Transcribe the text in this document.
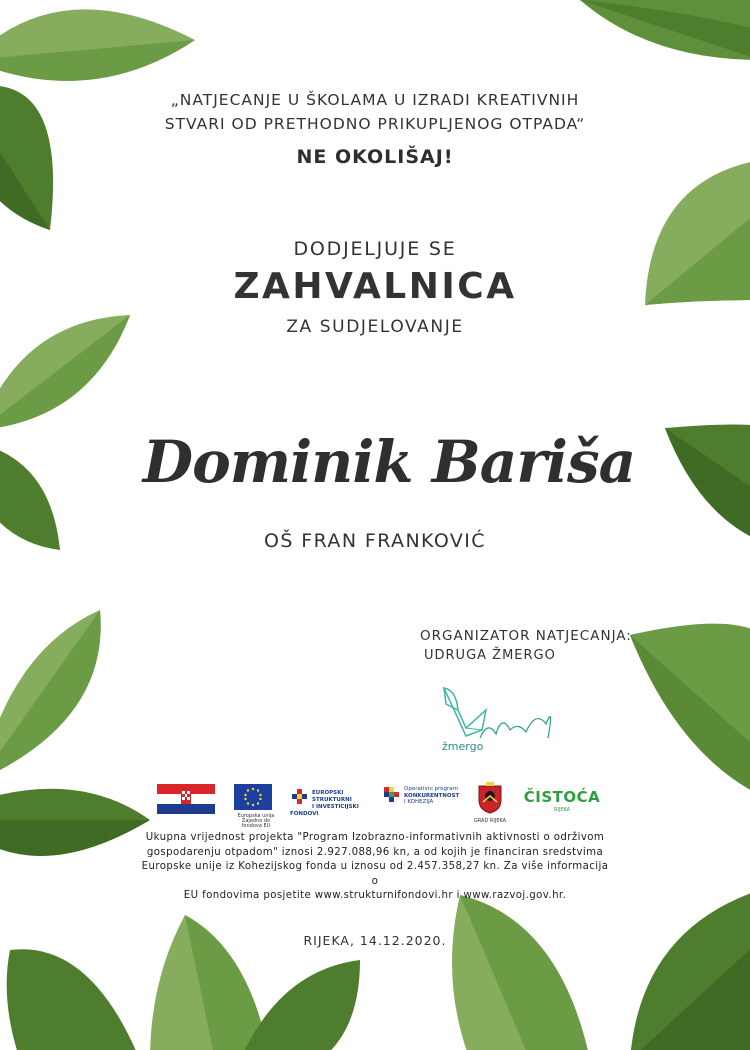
„NATJECANJE U ŠKOLAMA U IZRADI KREATIVNIH
STVARI OD PRETHODNO PRIKUPLJENOG OTPADA“
NE OKOLIŠAJ!
DODJELJUJE SE
ZAHVALNICA
ZA SUDJELOVANJE
Dominik Bariša
OŠ FRAN FRANKOVIĆ
ORGANIZATOR NATJECANJA:
UDRUGA ŽMERGO
žmergo
Europska unija
Zajedno do fondova EU
EUROPSKI STRUKTURNI
I INVESTICIJSKI FONDOVI
Operativni program
KONKURENTNOST
I KOHEZIJA
GRAD RIJEKA
ČISTOĆA
RIJEKA
Ukupna vrijednost projekta "Program Izobrazno-informativnih aktivnosti o održivom
gospodarenju otpadom" iznosi 2.927.088,96 kn, a od kojih je financiran sredstvima
Europske unije iz Kohezijskog fonda u iznosu od 2.457.358,27 kn. Za više informacija o
EU fondovima posjetite www.strukturnifondovi.hr i www.razvoj.gov.hr.
RIJEKA, 14.12.2020.
